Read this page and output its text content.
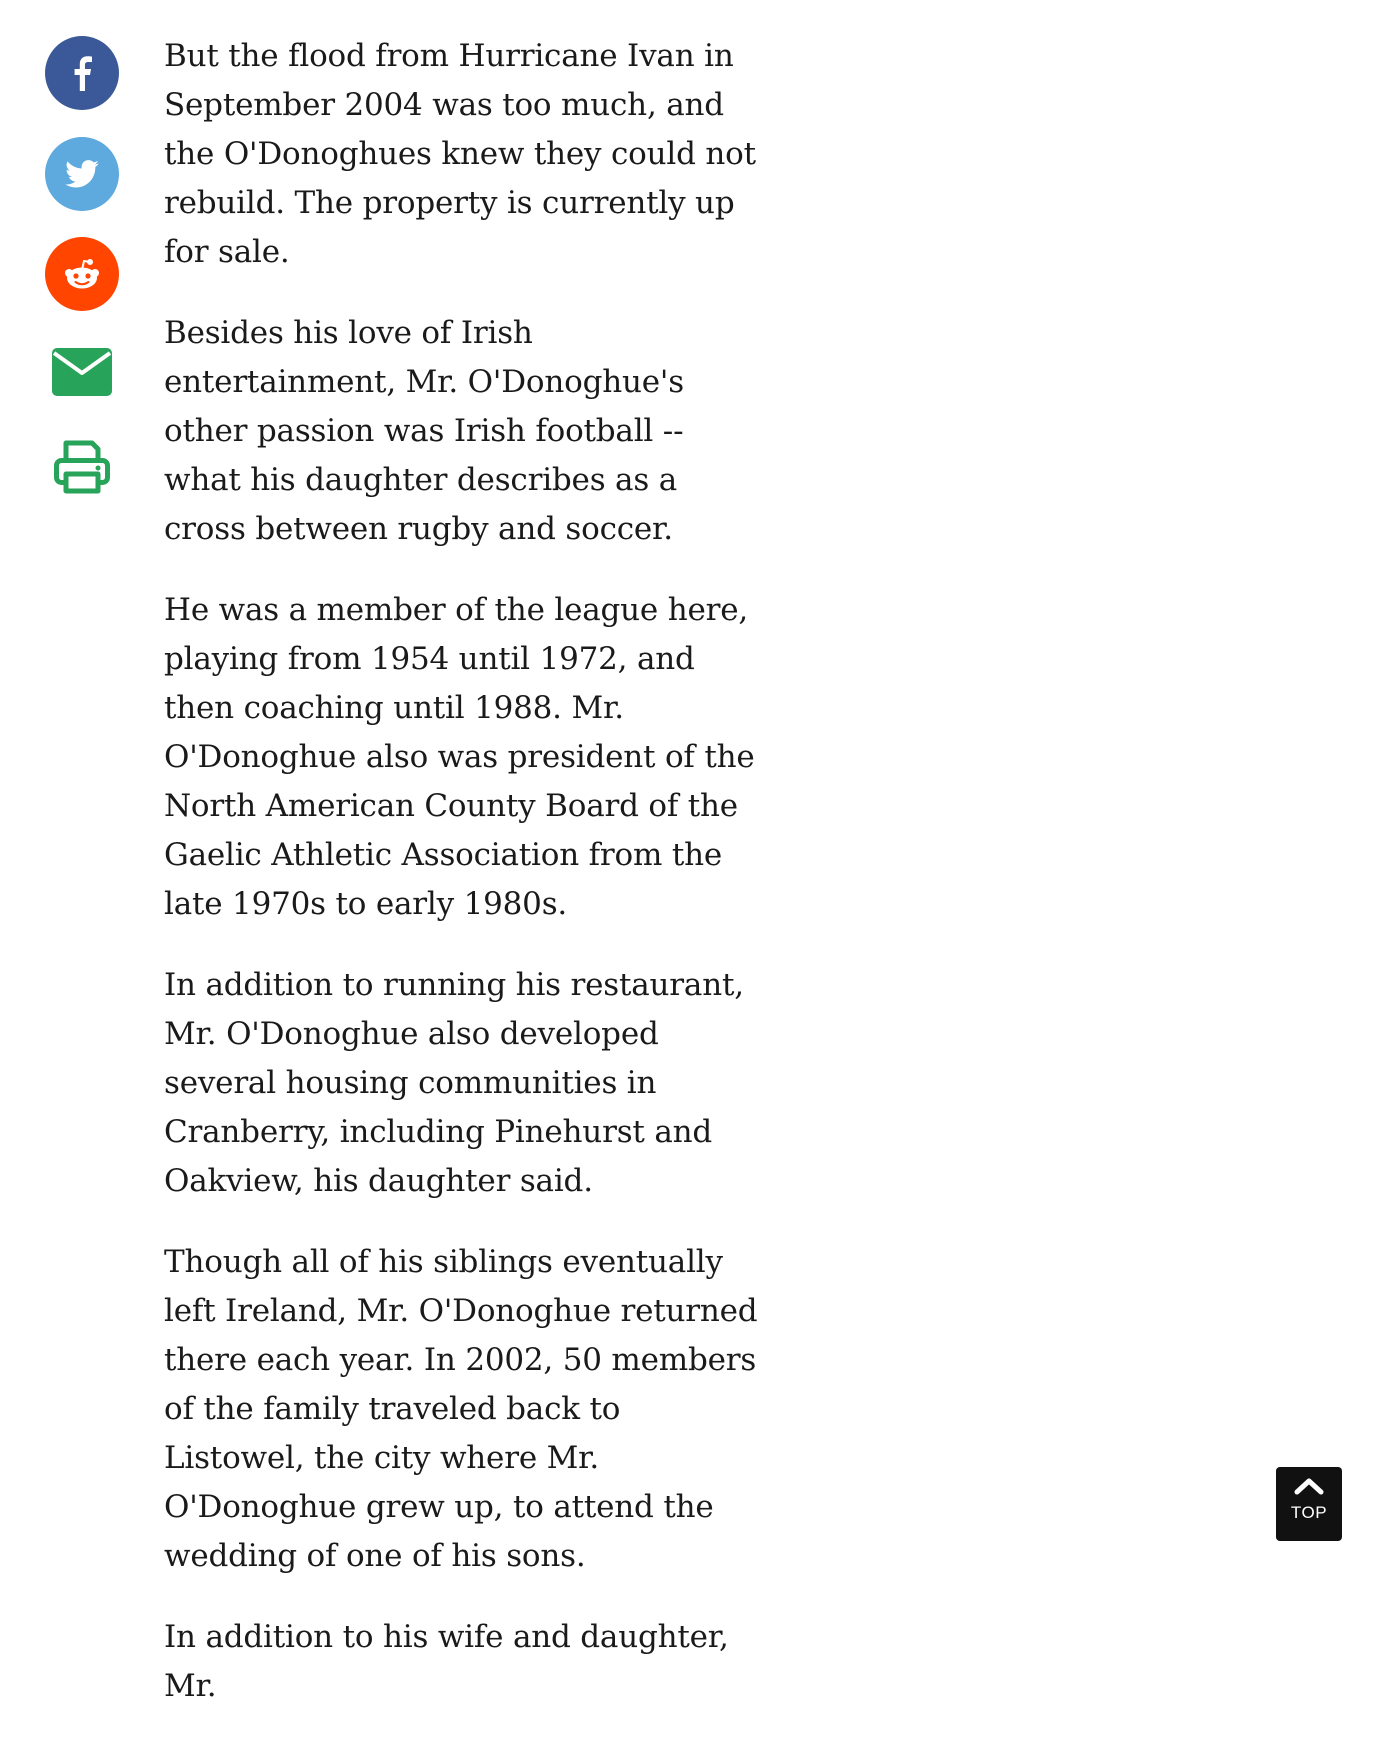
But the flood from Hurricane Ivan in September 2004 was too much, and the O'Donoghues knew they could not rebuild. The property is currently up for sale.

Besides his love of Irish entertainment, Mr. O'Donoghue's other passion was Irish football -- what his daughter describes as a cross between rugby and soccer.

He was a member of the league here, playing from 1954 until 1972, and then coaching until 1988. Mr. O'Donoghue also was president of the North American County Board of the Gaelic Athletic Association from the late 1970s to early 1980s.

In addition to running his restaurant, Mr. O'Donoghue also developed several housing communities in Cranberry, including Pinehurst and Oakview, his daughter said.

Though all of his siblings eventually left Ireland, Mr. O'Donoghue returned there each year. In 2002, 50 members of the family traveled back to Listowel, the city where Mr. O'Donoghue grew up, to attend the wedding of one of his sons.

In addition to his wife and daughter, Mr.

TOP
